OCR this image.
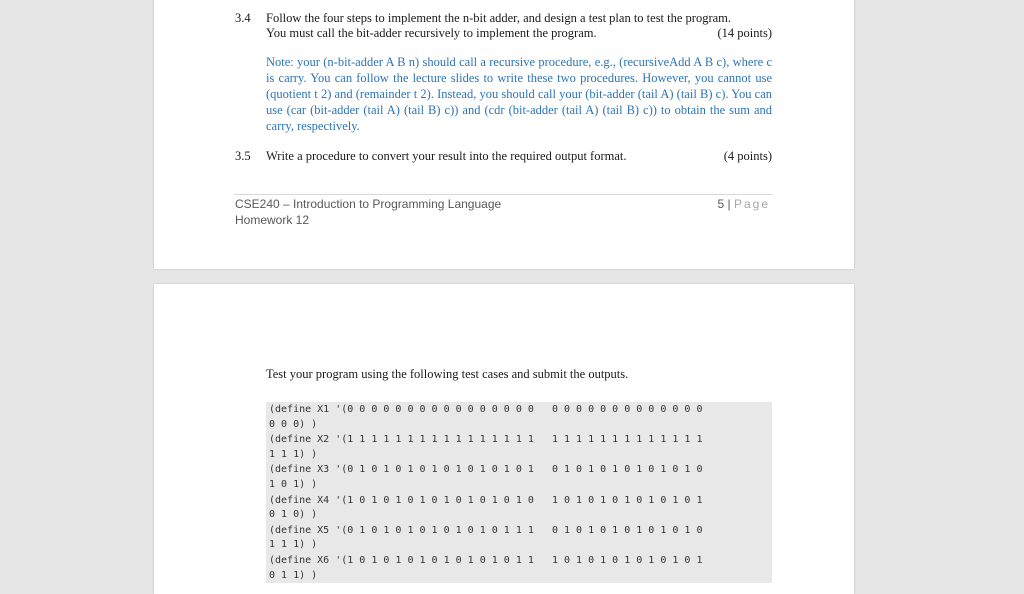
3.4 Follow the four steps to implement the n-bit adder, and design a test plan to test the program.
You must call the bit-adder recursively to implement the program.	(14 points)

Note: your (n-bit-adder A B n) should call a recursive procedure, e.g., (recursiveAdd A B c), where c is carry. You can follow the lecture slides to write these two procedures. However, you cannot use (quotient t 2) and (remainder t 2). Instead, you should call your (bit-adder (tail A) (tail B) c). You can use (car (bit-adder (tail A) (tail B) c)) and (cdr (bit-adder (tail A) (tail B) c)) to obtain the sum and carry, respectively.

3.5 Write a procedure to convert your result into the required output format.	(4 points)
CSE240 – Introduction to Programming Language
Homework 12
5 | Page
Test your program using the following test cases and submit the outputs.
(define X1 '(0 0 0 0 0 0 0 0 0 0 0 0 0 0 0 0   0 0 0 0 0 0 0 0 0 0 0 0 0
0 0 0) )
(define X2 '(1 1 1 1 1 1 1 1 1 1 1 1 1 1 1 1   1 1 1 1 1 1 1 1 1 1 1 1 1
1 1 1) )
(define X3 '(0 1 0 1 0 1 0 1 0 1 0 1 0 1 0 1   0 1 0 1 0 1 0 1 0 1 0 1 0
1 0 1) )
(define X4 '(1 0 1 0 1 0 1 0 1 0 1 0 1 0 1 0   1 0 1 0 1 0 1 0 1 0 1 0 1
0 1 0) )
(define X5 '(0 1 0 1 0 1 0 1 0 1 0 1 0 1 1 1   0 1 0 1 0 1 0 1 0 1 0 1 0
1 1 1) )
(define X6 '(1 0 1 0 1 0 1 0 1 0 1 0 1 0 1 1   1 0 1 0 1 0 1 0 1 0 1 0 1
0 1 1) )
